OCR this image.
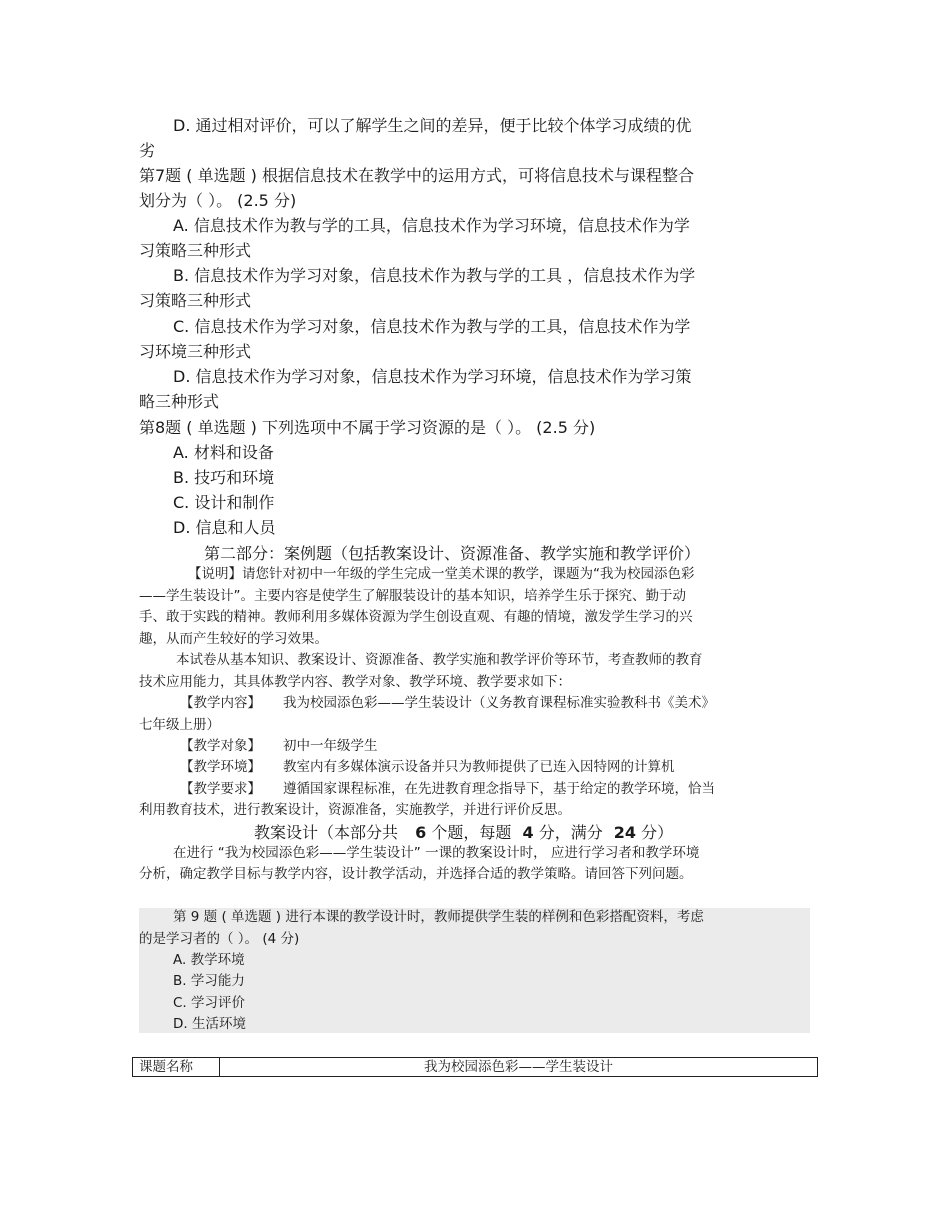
D. 通过相对评价，可以了解学生之间的差异，便于比较个体学习成绩的优
劣
第7题 ( 单选题 ) 根据信息技术在教学中的运用方式，可将信息技术与课程整合
划分为（ ）。 (2.5 分)
A. 信息技术作为教与学的工具，信息技术作为学习环境，信息技术作为学
习策略三种形式
B. 信息技术作为学习对象，信息技术作为教与学的工具 ，信息技术作为学
习策略三种形式
C. 信息技术作为学习对象，信息技术作为教与学的工具，信息技术作为学
习环境三种形式
D. 信息技术作为学习对象，信息技术作为学习环境，信息技术作为学习策
略三种形式
第8题 ( 单选题 ) 下列选项中不属于学习资源的是（ ）。 (2.5 分)
A. 材料和设备
B. 技巧和环境
C. 设计和制作
D. 信息和人员
第二部分：案例题（包括教案设计、资源准备、教学实施和教学评价）
【说明】请您针对初中一年级的学生完成一堂美术课的教学，课题为“我为校园添色彩
——学生装设计”。主要内容是使学生了解服装设计的基本知识，培养学生乐于探究、勤于动
手、敢于实践的精神。教师利用多媒体资源为学生创设直观、有趣的情境，激发学生学习的兴
趣，从而产生较好的学习效果。
本试卷从基本知识、教案设计、资源准备、教学实施和教学评价等环节，考查教师的教育
技术应用能力，其具体教学内容、教学对象、教学环境、教学要求如下：
【教学内容】 我为校园添色彩——学生装设计（义务教育课程标准实验教科书《美术》
七年级上册）
【教学对象】 初中一年级学生
【教学环境】 教室内有多媒体演示设备并只为教师提供了已连入因特网的计算机
【教学要求】 遵循国家课程标准，在先进教育理念指导下，基于给定的教学环境，恰当
利用教育技术，进行教案设计，资源准备，实施教学，并进行评价反思。
教案设计（本部分共 6 个题，每题 4 分，满分 24 分）
在进行 “我为校园添色彩——学生装设计” 一课的教案设计时， 应进行学习者和教学环境
分析，确定教学目标与教学内容，设计教学活动，并选择合适的教学策略。请回答下列问题。
第 9 题 ( 单选题 ) 进行本课的教学设计时，教师提供学生装的样例和色彩搭配资料，考虑
的是学习者的（ ）。 (4 分)
A. 教学环境
B. 学习能力
C. 学习评价
D. 生活环境
课题名称	我为校园添色彩——学生装设计
